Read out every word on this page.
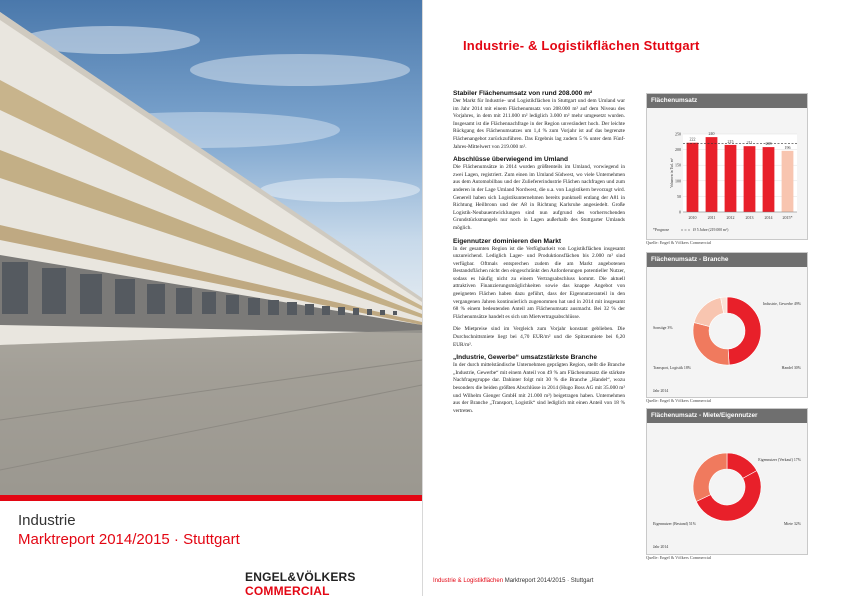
Industrie
Marktreport 2014/2015 · Stuttgart
ENGEL&VÖLKERS COMMERCIAL
Industrie- & Logistikflächen Stuttgart
Stabiler Flächenumsatz von rund 208.000 m²

Der Markt für Industrie- und Logistikflächen in Stuttgart und dem Umland war im Jahr 2014 mit einem Flächenumsatz von 208.000 m² auf dem Niveau des Vorjahres, in dem mit 211.000 m² lediglich 3.000 m² mehr umgesetzt wurden. Insgesamt ist die Flächennachfrage in der Region unverändert hoch. Der leichte Rückgang des Flächenumsatzes um 1,4 % zum Vorjahr ist auf das begrenzte Flächenangebot zurückzuführen. Das Ergebnis lag zudem 5 % unter dem Fünf-Jahres-Mittelwert von 219.000 m².

Abschlüsse überwiegend im Umland

Die Flächenumsätze in 2014 wurden größtenteils im Umland, vorwiegend in zwei Lagen, registriert. Zum einen im Umland Südwest, wo viele Unternehmen aus dem Automobilbau und der Zuliefererindustrie Flächen nachfragen und zum anderen in der Lage Umland Nordwest, die u.a. von Logistikern bevorzugt wird. Generell haben sich Logistikunternehmen bereits punktuell entlang der A81 in Richtung Heilbronn und der A8 in Richtung Karlsruhe angesiedelt. Große Logistik-Neubauentwicklungen sind nun aufgrund des vorherrschenden Grundstücksmangels nur noch in Lagen außerhalb des Stuttgarter Umlands möglich.

Eigennutzer dominieren den Markt

In der gesamten Region ist die Verfügbarkeit von Logistikflächen insgesamt unzureichend. Lediglich Lager- und Produktionsflächen bis 2.000 m² sind verfügbar. Oftmals entsprechen zudem die am Markt angebotenen Bestandsflächen nicht den eingeschränkt den Anforderungen potentieller Nutzer, sodass es häufig nicht zu einem Vertragsabschluss kommt. Die aktuell attraktiven Finanzierungsmöglichkeiten sowie das knappe Angebot von geeigneten Flächen haben dazu geführt, dass der Eigennutzeranteil in den vergangenen Jahren kontinuierlich zugenommen hat und in 2014 mit insgesamt 68 % einem bedeutenden Anteil am Flächenumsatz ausmacht. Bei 32 % der Flächenumsätze handelt es sich um Mietvertragsabschlüsse.

Die Mietpreise sind im Vergleich zum Vorjahr konstant geblieben. Die Durchschnittsmiete liegt bei 4,70 EUR/m² und die Spitzenmiete bei 6,20 EUR/m².

„Industrie, Gewerbe“ umsatzstärkste Branche

In der durch mittelständische Unternehmen geprägten Region, stellt die Branche „Industrie, Gewerbe“ mit einem Anteil von 49 % am Flächenumsatz die stärkste Nachfragegruppe dar. Dahinter folgt mit 30 % die Branche „Handel“, wozu besonders die beiden größten Abschlüsse in 2014 (Hugo Boss AG mit 35.000 m² und Wilhelm Gienger GmbH mit 21.000 m²) beigetragen haben. Unternehmen aus der Branche „Transport, Logistik“ sind lediglich mit einen Anteil von 18 % vertreten.

Flächenumsatz
0
50
100
150
200
250
Volumen in Tsd. m²
222
2010
240
2011
215
2012
211
2013
208
2014
196
2015*
*Prognose	Ø 5 Jahre (219.000 m²)
Quelle: Engel & Völkers Commercial
Flächenumsatz - Branche
Industrie, Gewerbe 49%
Handel 30%
Transport, Logistik 18%
Sonstige 3%
Jahr 2014
Quelle: Engel & Völkers Commercial
Flächenumsatz - Miete/Eigennutzer
Eigennutzer (Verkauf) 17%
Eigennutzer (Bestand) 51%	Miete 32%
Jahr 2014
Quelle: Engel & Völkers Commercial
Industrie & Logistikflächen Marktreport 2014/2015 · Stuttgart
